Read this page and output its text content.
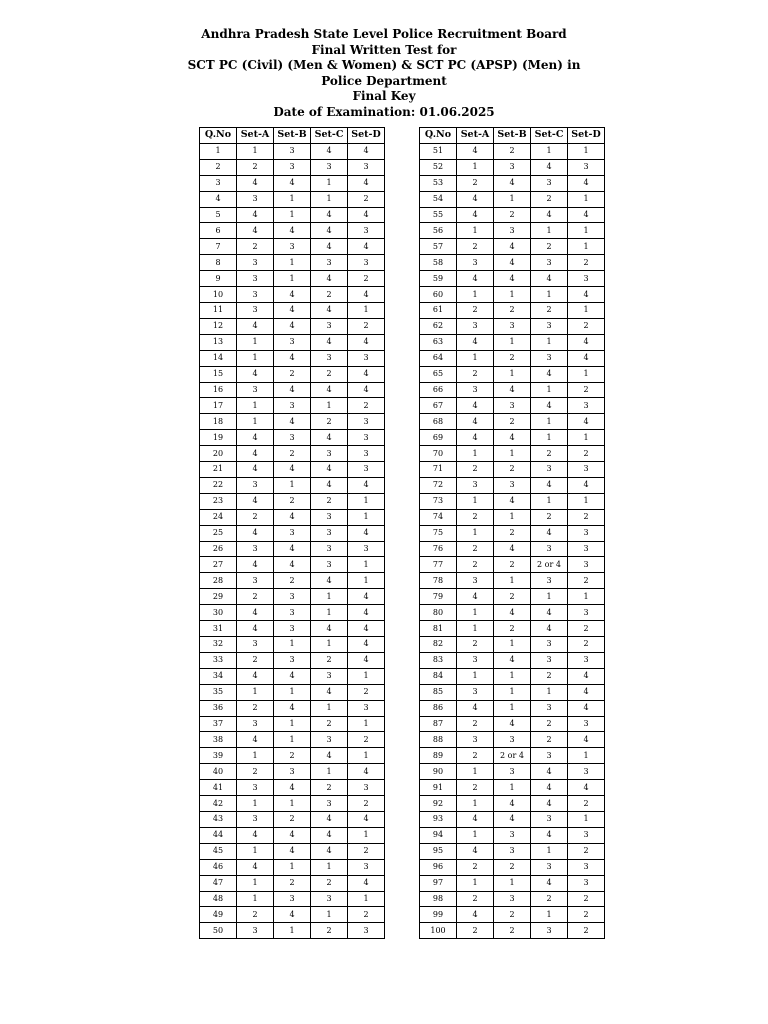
Andhra Pradesh State Level Police Recruitment Board
Final Written Test for
SCT PC (Civil) (Men & Women) & SCT PC (APSP) (Men) in
Police Department
Final Key
Date of Examination: 01.06.2025
Q.No	Set-A	Set-B	Set-C	Set-D
1	1	3	4	4
2	2	3	3	3
3	4	4	1	4
4	3	1	1	2
5	4	1	4	4
6	4	4	4	3
7	2	3	4	4
8	3	1	3	3
9	3	1	4	2
10	3	4	2	4
11	3	4	4	1
12	4	4	3	2
13	1	3	4	4
14	1	4	3	3
15	4	2	2	4
16	3	4	4	4
17	1	3	1	2
18	1	4	2	3
19	4	3	4	3
20	4	2	3	3
21	4	4	4	3
22	3	1	4	4
23	4	2	2	1
24	2	4	3	1
25	4	3	3	4
26	3	4	3	3
27	4	4	3	1
28	3	2	4	1
29	2	3	1	4
30	4	3	1	4
31	4	3	4	4
32	3	1	1	4
33	2	3	2	4
34	4	4	3	1
35	1	1	4	2
36	2	4	1	3
37	3	1	2	1
38	4	1	3	2
39	1	2	4	1
40	2	3	1	4
41	3	4	2	3
42	1	1	3	2
43	3	2	4	4
44	4	4	4	1
45	1	4	4	2
46	4	1	1	3
47	1	2	2	4
48	1	3	3	1
49	2	4	1	2
50	3	1	2	3
Q.No	Set-A	Set-B	Set-C	Set-D
51	4	2	1	1
52	1	3	4	3
53	2	4	3	4
54	4	1	2	1
55	4	2	4	4
56	1	3	1	1
57	2	4	2	1
58	3	4	3	2
59	4	4	4	3
60	1	1	1	4
61	2	2	2	1
62	3	3	3	2
63	4	1	1	4
64	1	2	3	4
65	2	1	4	1
66	3	4	1	2
67	4	3	4	3
68	4	2	1	4
69	4	4	1	1
70	1	1	2	2
71	2	2	3	3
72	3	3	4	4
73	1	4	1	1
74	2	1	2	2
75	1	2	4	3
76	2	4	3	3
77	2	2	2 or 4	3
78	3	1	3	2
79	4	2	1	1
80	1	4	4	3
81	1	2	4	2
82	2	1	3	2
83	3	4	3	3
84	1	1	2	4
85	3	1	1	4
86	4	1	3	4
87	2	4	2	3
88	3	3	2	4
89	2	2 or 4	3	1
90	1	3	4	3
91	2	1	4	4
92	1	4	4	2
93	4	4	3	1
94	1	3	4	3
95	4	3	1	2
96	2	2	3	3
97	1	1	4	3
98	2	3	2	2
99	4	2	1	2
100	2	2	3	2
